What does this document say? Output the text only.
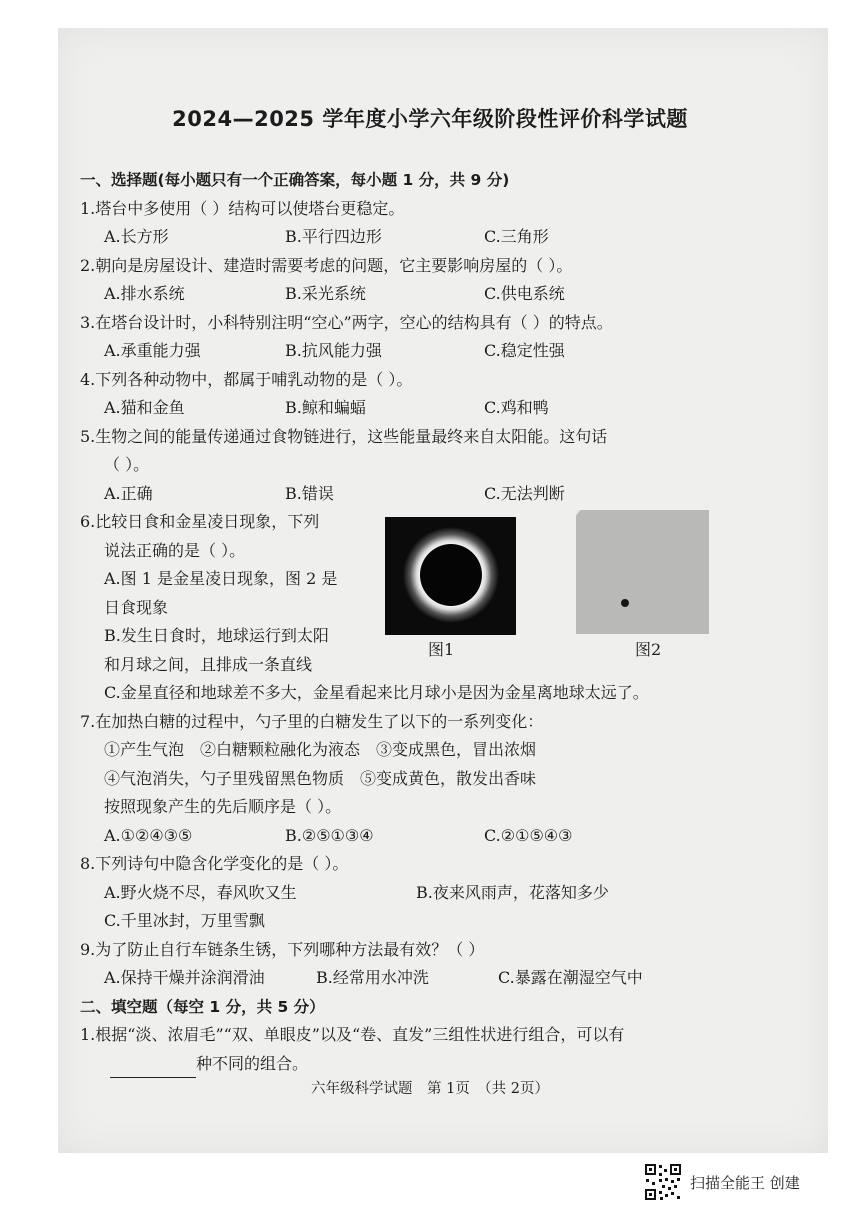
2024—2025 学年度小学六年级阶段性评价科学试题
一、选择题(每小题只有一个正确答案，每小题 1 分，共 9 分)
1.塔台中多使用（ ）结构可以使塔台更稳定。
A.长方形	B.平行四边形	C.三角形
2.朝向是房屋设计、建造时需要考虑的问题，它主要影响房屋的（ ）。
A.排水系统	B.采光系统	C.供电系统
3.在塔台设计时，小科特别注明“空心”两字，空心的结构具有（ ）的特点。
A.承重能力强	B.抗风能力强	C.稳定性强
4.下列各种动物中，都属于哺乳动物的是（ ）。
A.猫和金鱼	B.鲸和蝙蝠	C.鸡和鸭
5.生物之间的能量传递通过食物链进行，这些能量最终来自太阳能。这句话
（ ）。
A.正确	B.错误	C.无法判断
6.比较日食和金星凌日现象，下列
说法正确的是（ ）。
A.图 1 是金星凌日现象，图 2 是
日食现象
B.发生日食时，地球运行到太阳
和月球之间，且排成一条直线
图1	图2
C.金星直径和地球差不多大，金星看起来比月球小是因为金星离地球太远了。
7.在加热白糖的过程中，勺子里的白糖发生了以下的一系列变化：
①产生气泡　②白糖颗粒融化为液态　③变成黑色，冒出浓烟
④气泡消失，勺子里残留黑色物质　⑤变成黄色，散发出香味
按照现象产生的先后顺序是（ ）。
A.①②④③⑤	B.②⑤①③④	C.②①⑤④③
8.下列诗句中隐含化学变化的是（ ）。
A.野火烧不尽，春风吹又生	B.夜来风雨声，花落知多少
C.千里冰封，万里雪飘
9.为了防止自行车链条生锈，下列哪种方法最有效？（ ）
A.保持干燥并涂润滑油	B.经常用水冲洗	C.暴露在潮湿空气中
二、填空题（每空 1 分，共 5 分）
1.根据“淡、浓眉毛”“双、单眼皮”以及“卷、直发”三组性状进行组合，可以有
种不同的组合。
六年级科学试题　第 1页　（共 2页）
扫描全能王 创建
